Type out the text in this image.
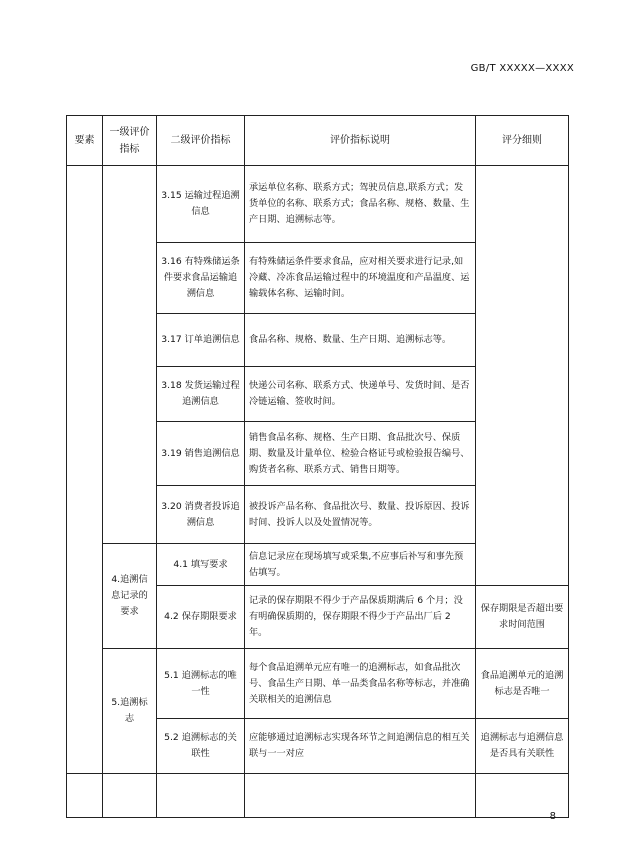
GB/T XXXXX—XXXX
要素	一级评价指标	二级评价指标	评价指标说明	评分细则
		3.15 运输过程追溯信息	承运单位名称、联系方式；驾驶员信息,联系方式；发货单位的名称、联系方式；食品名称、规格、数量、生产日期、追溯标志等。	
		3.16 有特殊储运条件要求食品运输追溯信息	有特殊储运条件要求食品，应对相关要求进行记录,如冷藏、冷冻食品运输过程中的环境温度和产品温度、运输载体名称、运输时间。	
		3.17 订单追溯信息	食品名称、规格、数量、生产日期、追溯标志等。	
		3.18 发货运输过程追溯信息	快递公司名称、联系方式、快递单号、发货时间、是否冷链运输、签收时间。	
		3.19 销售追溯信息	销售食品名称、规格、生产日期、食品批次号、保质期、数量及计量单位、检验合格证号或检验报告编号、购货者名称、联系方式、销售日期等。	
		3.20 消费者投诉追溯信息	被投诉产品名称、食品批次号、数量、投诉原因、投诉时间、投诉人以及处置情况等。	
	4.追溯信息记录的要求	4.1 填写要求	信息记录应在现场填写或采集,不应事后补写和事先预估填写。	
		4.2 保存期限要求	记录的保存期限不得少于产品保质期满后 6 个月；没有明确保质期的，保存期限不得少于产品出厂后 2 年。	保存期限是否超出要求时间范围
	5.追溯标志	5.1 追溯标志的唯一性	每个食品追溯单元应有唯一的追溯标志，如食品批次号、食品生产日期、单一品类食品名称等标志，并准确关联相关的追溯信息	食品追溯单元的追溯标志是否唯一
		5.2 追溯标志的关联性	应能够通过追溯标志实现各环节之间追溯信息的相互关联与一一对应	追溯标志与追溯信息是否具有关联性

8
